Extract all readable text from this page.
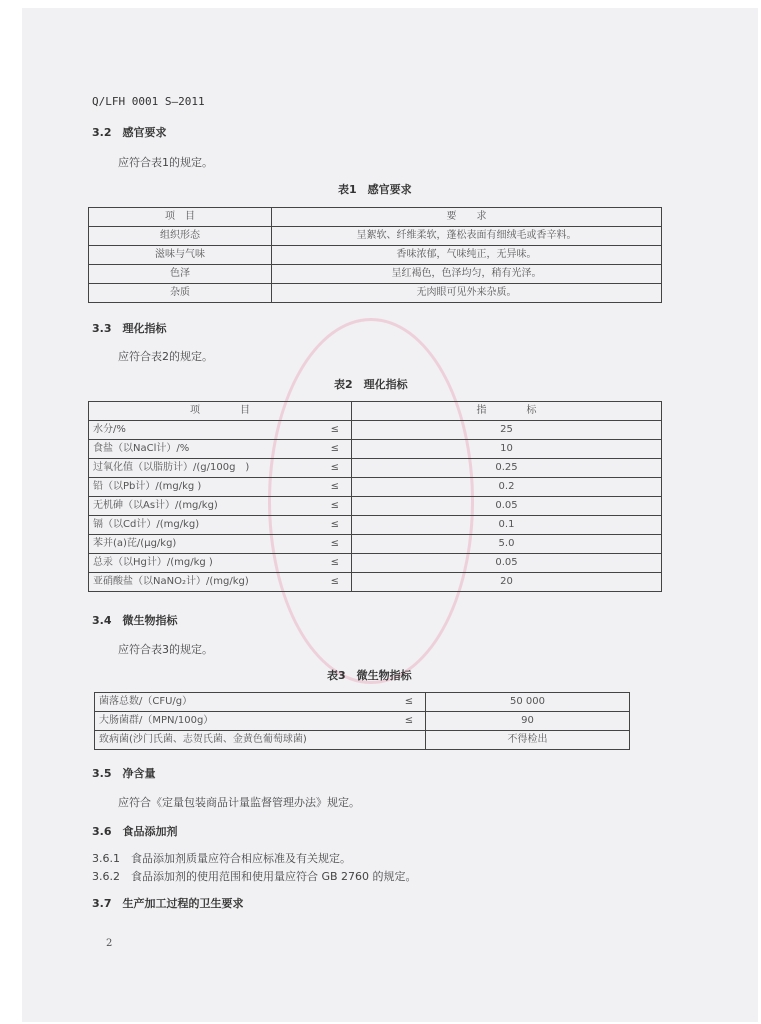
Q/LFH 0001 S—2011
3.2　感官要求
应符合表1的规定。
表1　感官要求
项　目	要　　求
组织形态	呈絮软、纤维柔软，蓬松表面有细绒毛或香辛料。
滋味与气味	香味浓郁，气味纯正，无异味。
色泽	呈红褐色，色泽均匀，稍有光泽。
杂质	无肉眼可见外来杂质。
3.3　理化指标
应符合表2的规定。
表2　理化指标
项　　　　目		指　　　　标
水分/%	≤	25
食盐（以NaCl计）/%	≤	10
过氧化值（以脂肪计）/(g/100g　)	≤	0.25
铅（以Pb计）/(mg/kg )	≤	0.2
无机砷（以As计）/(mg/kg)	≤	0.05
镉（以Cd计）/(mg/kg)	≤	0.1
苯并(a)芘/(μg/kg)	≤	5.0
总汞（以Hg计）/(mg/kg )	≤	0.05
亚硝酸盐（以NaNO₂计）/(mg/kg)	≤	20
3.4　微生物指标
应符合表3的规定。
表3　微生物指标
菌落总数/（CFU/g）	≤	50 000
大肠菌群/（MPN/100g）	≤	90
致病菌(沙门氏菌、志贺氏菌、金黄色葡萄球菌)		不得检出
3.5　净含量
应符合《定量包装商品计量监督管理办法》规定。
3.6　食品添加剂
3.6.1　食品添加剂质量应符合相应标准及有关规定。
3.6.2　食品添加剂的使用范围和使用量应符合 GB 2760 的规定。
3.7　生产加工过程的卫生要求
2
